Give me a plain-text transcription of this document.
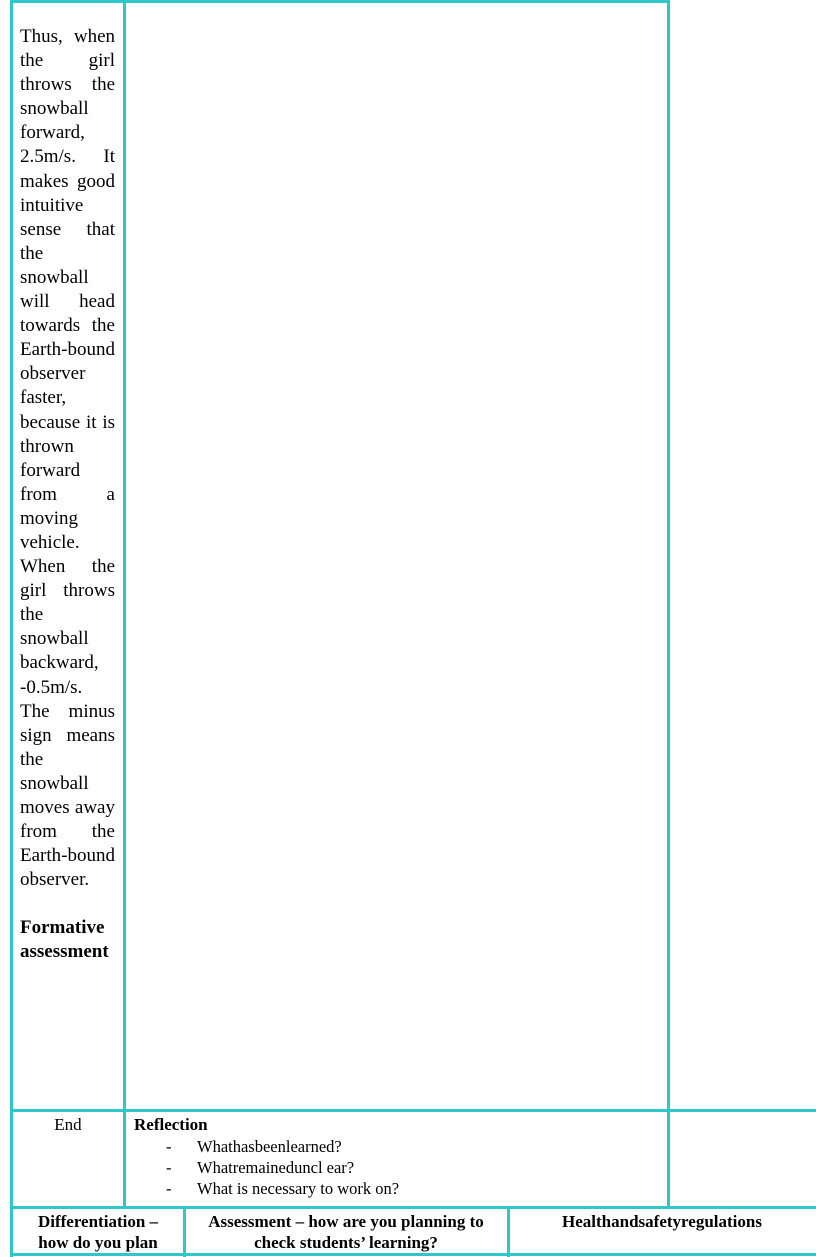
Thus, when the girl throws the snowball forward, 2.5m/s. It makes good intuitive sense that the snowball will head towards the Earth-bound observer faster, because it is thrown forward from a moving vehicle. When the girl throws the snowball backward, -0.5m/s. The minus sign means the snowball moves away from the Earth-bound observer.

Formative assessment

End	Reflection
- Whathasbeenlearned?
- Whatremaineduncl ear?
- What is necessary to work on?
Differentiation – how do you plan
Assessment – how are you planning to check students’ learning?
Healthandsafetyregulations
